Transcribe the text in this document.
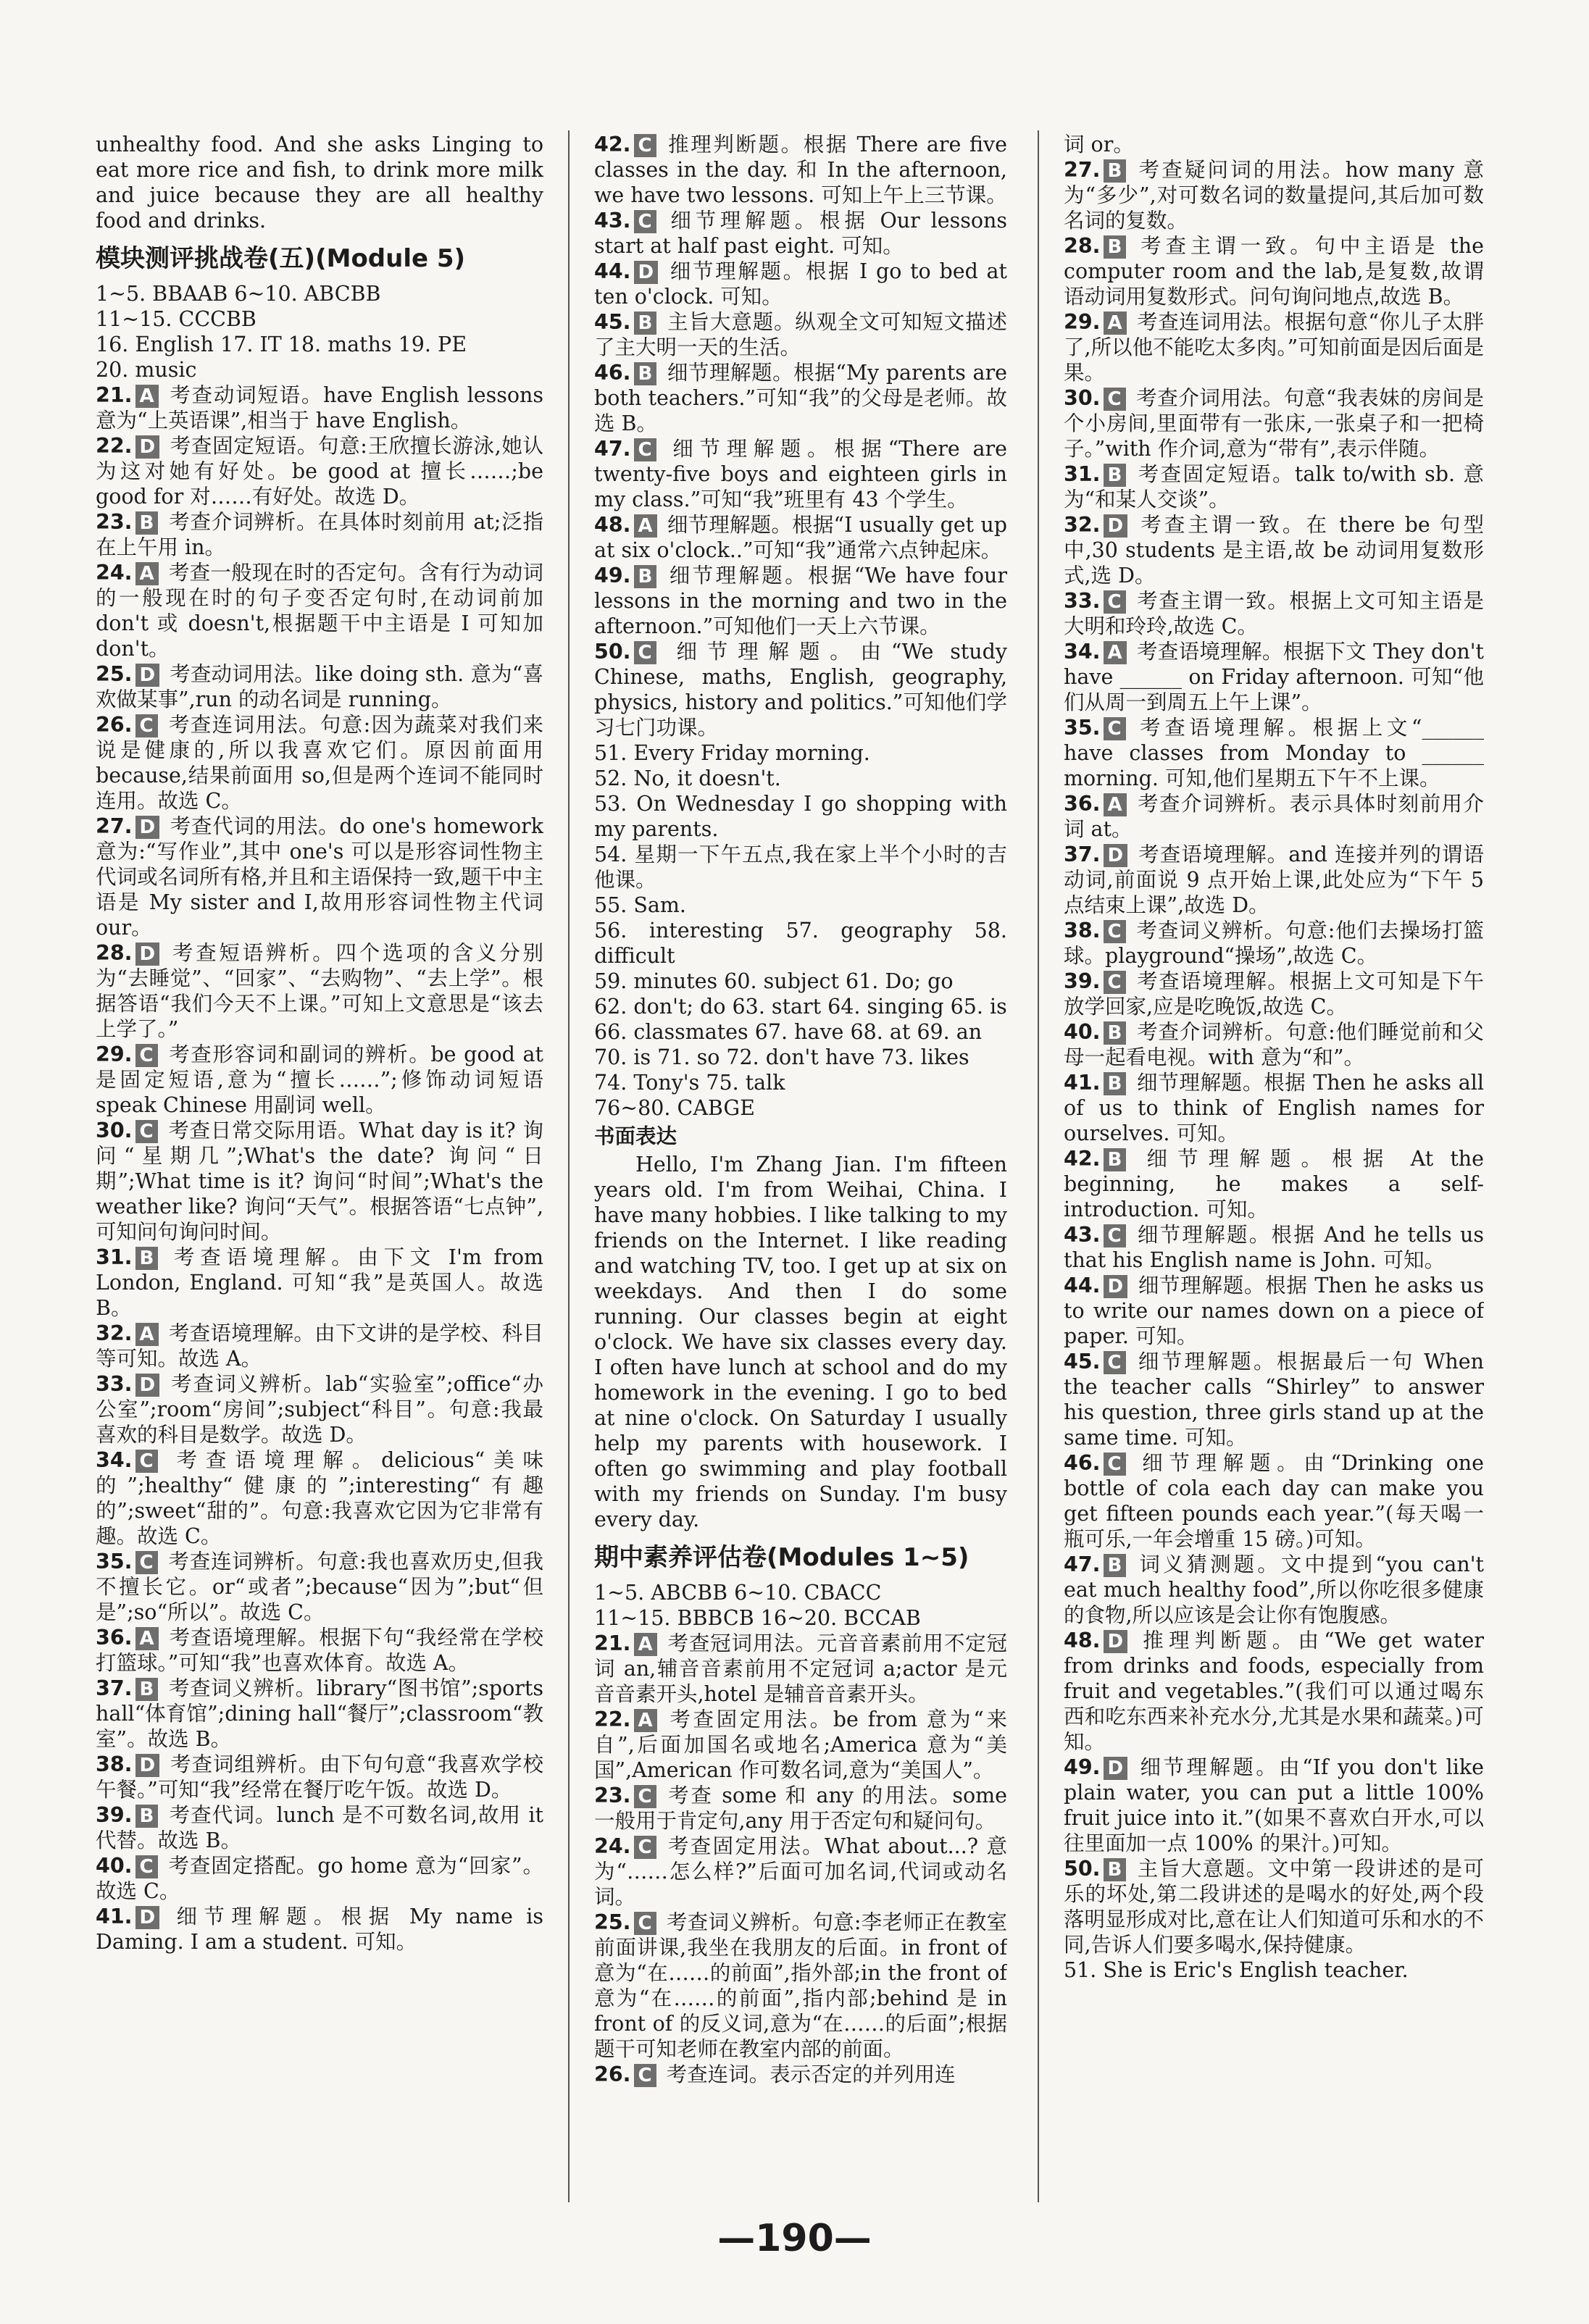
unhealthy food. And she asks Linging to eat more rice and fish, to drink more milk and juice because they are all healthy food and drinks.
模块测评挑战卷(五)(Module 5)
1~5. BBAAB 6~10. ABCBB
11~15. CCCBB
16. English 17. IT 18. maths 19. PE
20. music

21. A 考查动词短语。have English lessons 意为“上英语课”,相当于 have English。

22. D 考查固定短语。句意:王欣擅长游泳,她认为这对她有好处。be good at 擅长……;be good for 对……有好处。故选 D。

23. B 考查介词辨析。在具体时刻前用 at;泛指在上午用 in。

24. A 考查一般现在时的否定句。含有行为动词的一般现在时的句子变否定句时,在动词前加 don't 或 doesn't,根据题干中主语是 I 可知加 don't。

25. D 考查动词用法。like doing sth. 意为“喜欢做某事”,run 的动名词是 running。

26. C 考查连词用法。句意:因为蔬菜对我们来说是健康的,所以我喜欢它们。原因前面用 because,结果前面用 so,但是两个连词不能同时连用。故选 C。

27. D 考查代词的用法。do one's homework 意为:“写作业”,其中 one's 可以是形容词性物主代词或名词所有格,并且和主语保持一致,题干中主语是 My sister and I,故用形容词性物主代词 our。

28. D 考查短语辨析。四个选项的含义分别为“去睡觉”、“回家”、“去购物”、“去上学”。根据答语“我们今天不上课。”可知上文意思是“该去上学了。”

29. C 考查形容词和副词的辨析。be good at 是固定短语,意为“擅长……”;修饰动词短语 speak Chinese 用副词 well。

30. C 考查日常交际用语。What day is it? 询问“星期几”;What's the date? 询问“日期”;What time is it? 询问“时间”;What's the weather like? 询问“天气”。根据答语“七点钟”,可知问句询问时间。

31. B 考查语境理解。由下文 I'm from London, England. 可知“我”是英国人。故选 B。

32. A 考查语境理解。由下文讲的是学校、科目等可知。故选 A。

33. D 考查词义辨析。lab“实验室”;office“办公室”;room“房间”;subject“科目”。句意:我最喜欢的科目是数学。故选 D。

34. C 考查语境理解。delicious“美味的”;healthy“健康的”;interesting“有趣的”;sweet“甜的”。句意:我喜欢它因为它非常有趣。故选 C。

35. C 考查连词辨析。句意:我也喜欢历史,但我不擅长它。or“或者”;because“因为”;but“但是”;so“所以”。故选 C。

36. A 考查语境理解。根据下句“我经常在学校打篮球。”可知“我”也喜欢体育。故选 A。

37. B 考查词义辨析。library“图书馆”;sports hall“体育馆”;dining hall“餐厅”;classroom“教室”。故选 B。

38. D 考查词组辨析。由下句句意“我喜欢学校午餐。”可知“我”经常在餐厅吃午饭。故选 D。

39. B 考查代词。lunch 是不可数名词,故用 it 代替。故选 B。

40. C 考查固定搭配。go home 意为“回家”。故选 C。

41. D 细节理解题。根据 My name is Daming. I am a student. 可知。

42. C 推理判断题。根据 There are five classes in the day. 和 In the afternoon, we have two lessons. 可知上午上三节课。

43. C 细节理解题。根据 Our lessons start at half past eight. 可知。

44. D 细节理解题。根据 I go to bed at ten o'clock. 可知。

45. B 主旨大意题。纵观全文可知短文描述了主大明一天的生活。

46. B 细节理解题。根据“My parents are both teachers.”可知“我”的父母是老师。故选 B。

47. C 细节理解题。根据“There are twenty-five boys and eighteen girls in my class.”可知“我”班里有 43 个学生。

48. A 细节理解题。根据“I usually get up at six o'clock..”可知“我”通常六点钟起床。

49. B 细节理解题。根据“We have four lessons in the morning and two in the afternoon.”可知他们一天上六节课。

50. C 细节理解题。由“We study Chinese, maths, English, geography, physics, history and politics.”可知他们学习七门功课。

51. Every Friday morning.
52. No, it doesn't.
53. On Wednesday I go shopping with my parents.
54. 星期一下午五点,我在家上半个小时的吉他课。
55. Sam.
56. interesting 57. geography 58. difficult
59. minutes 60. subject 61. Do; go
62. don't; do 63. start 64. singing 65. is
66. classmates 67. have 68. at 69. an
70. is 71. so 72. don't have 73. likes
74. Tony's 75. talk
76~80. CABGE
书面表达
Hello, I'm Zhang Jian. I'm fifteen years old. I'm from Weihai, China. I have many hobbies. I like talking to my friends on the Internet. I like reading and watching TV, too. I get up at six on weekdays. And then I do some running. Our classes begin at eight o'clock. We have six classes every day. I often have lunch at school and do my homework in the evening. I go to bed at nine o'clock. On Saturday I usually help my parents with housework. I often go swimming and play football with my friends on Sunday. I'm busy every day.
期中素养评估卷(Modules 1~5)
1~5. ABCBB 6~10. CBACC
11~15. BBBCB 16~20. BCCAB

21. A 考查冠词用法。元音音素前用不定冠词 an,辅音音素前用不定冠词 a;actor 是元音音素开头,hotel 是辅音音素开头。

22. A 考查固定用法。be from 意为“来自”,后面加国名或地名;America 意为“美国”,American 作可数名词,意为“美国人”。

23. C 考查 some 和 any 的用法。some 一般用于肯定句,any 用于否定句和疑问句。

24. C 考查固定用法。What about...? 意为“……怎么样?”后面可加名词,代词或动名词。

25. C 考查词义辨析。句意:李老师正在教室前面讲课,我坐在我朋友的后面。in front of 意为“在……的前面”,指外部;in the front of 意为“在……的前面”,指内部;behind 是 in front of 的反义词,意为“在……的后面”;根据题干可知老师在教室内部的前面。

26. C 考查连词。表示否定的并列用连

词 or。

27. B 考查疑问词的用法。how many 意为“多少”,对可数名词的数量提问,其后加可数名词的复数。

28. B 考查主谓一致。句中主语是 the computer room and the lab,是复数,故谓语动词用复数形式。问句询问地点,故选 B。

29. A 考查连词用法。根据句意“你儿子太胖了,所以他不能吃太多肉。”可知前面是因后面是果。

30. C 考查介词用法。句意“我表妹的房间是个小房间,里面带有一张床,一张桌子和一把椅子。”with 作介词,意为“带有”,表示伴随。

31. B 考查固定短语。talk to/with sb. 意为“和某人交谈”。

32. D 考查主谓一致。在 there be 句型中,30 students 是主语,故 be 动词用复数形式,选 D。

33. C 考查主谓一致。根据上文可知主语是大明和玲玲,故选 C。

34. A 考查语境理解。根据下文 They don't have ______ on Friday afternoon. 可知“他们从周一到周五上午上课”。

35. C 考查语境理解。根据上文“______ have classes from Monday to ______ morning. 可知,他们星期五下午不上课。

36. A 考查介词辨析。表示具体时刻前用介词 at。

37. D 考查语境理解。and 连接并列的谓语动词,前面说 9 点开始上课,此处应为“下午 5 点结束上课”,故选 D。

38. C 考查词义辨析。句意:他们去操场打篮球。playground“操场”,故选 C。

39. C 考查语境理解。根据上文可知是下午放学回家,应是吃晚饭,故选 C。

40. B 考查介词辨析。句意:他们睡觉前和父母一起看电视。with 意为“和”。

41. B 细节理解题。根据 Then he asks all of us to think of English names for ourselves. 可知。

42. B 细节理解题。根据 At the beginning, he makes a self-introduction. 可知。

43. C 细节理解题。根据 And he tells us that his English name is John. 可知。

44. D 细节理解题。根据 Then he asks us to write our names down on a piece of paper. 可知。

45. C 细节理解题。根据最后一句 When the teacher calls “Shirley” to answer his question, three girls stand up at the same time. 可知。

46. C 细节理解题。由“Drinking one bottle of cola each day can make you get fifteen pounds each year.”(每天喝一瓶可乐,一年会增重 15 磅。)可知。

47. B 词义猜测题。文中提到“you can't eat much healthy food”,所以你吃很多健康的食物,所以应该是会让你有饱腹感。

48. D 推理判断题。由“We get water from drinks and foods, especially from fruit and vegetables.”(我们可以通过喝东西和吃东西来补充水分,尤其是水果和蔬菜。)可知。

49. D 细节理解题。由“If you don't like plain water, you can put a little 100% fruit juice into it.”(如果不喜欢白开水,可以往里面加一点 100% 的果汁。)可知。

50. B 主旨大意题。文中第一段讲述的是可乐的坏处,第二段讲述的是喝水的好处,两个段落明显形成对比,意在让人们知道可乐和水的不同,告诉人们要多喝水,保持健康。

51. She is Eric's English teacher.
—190—
